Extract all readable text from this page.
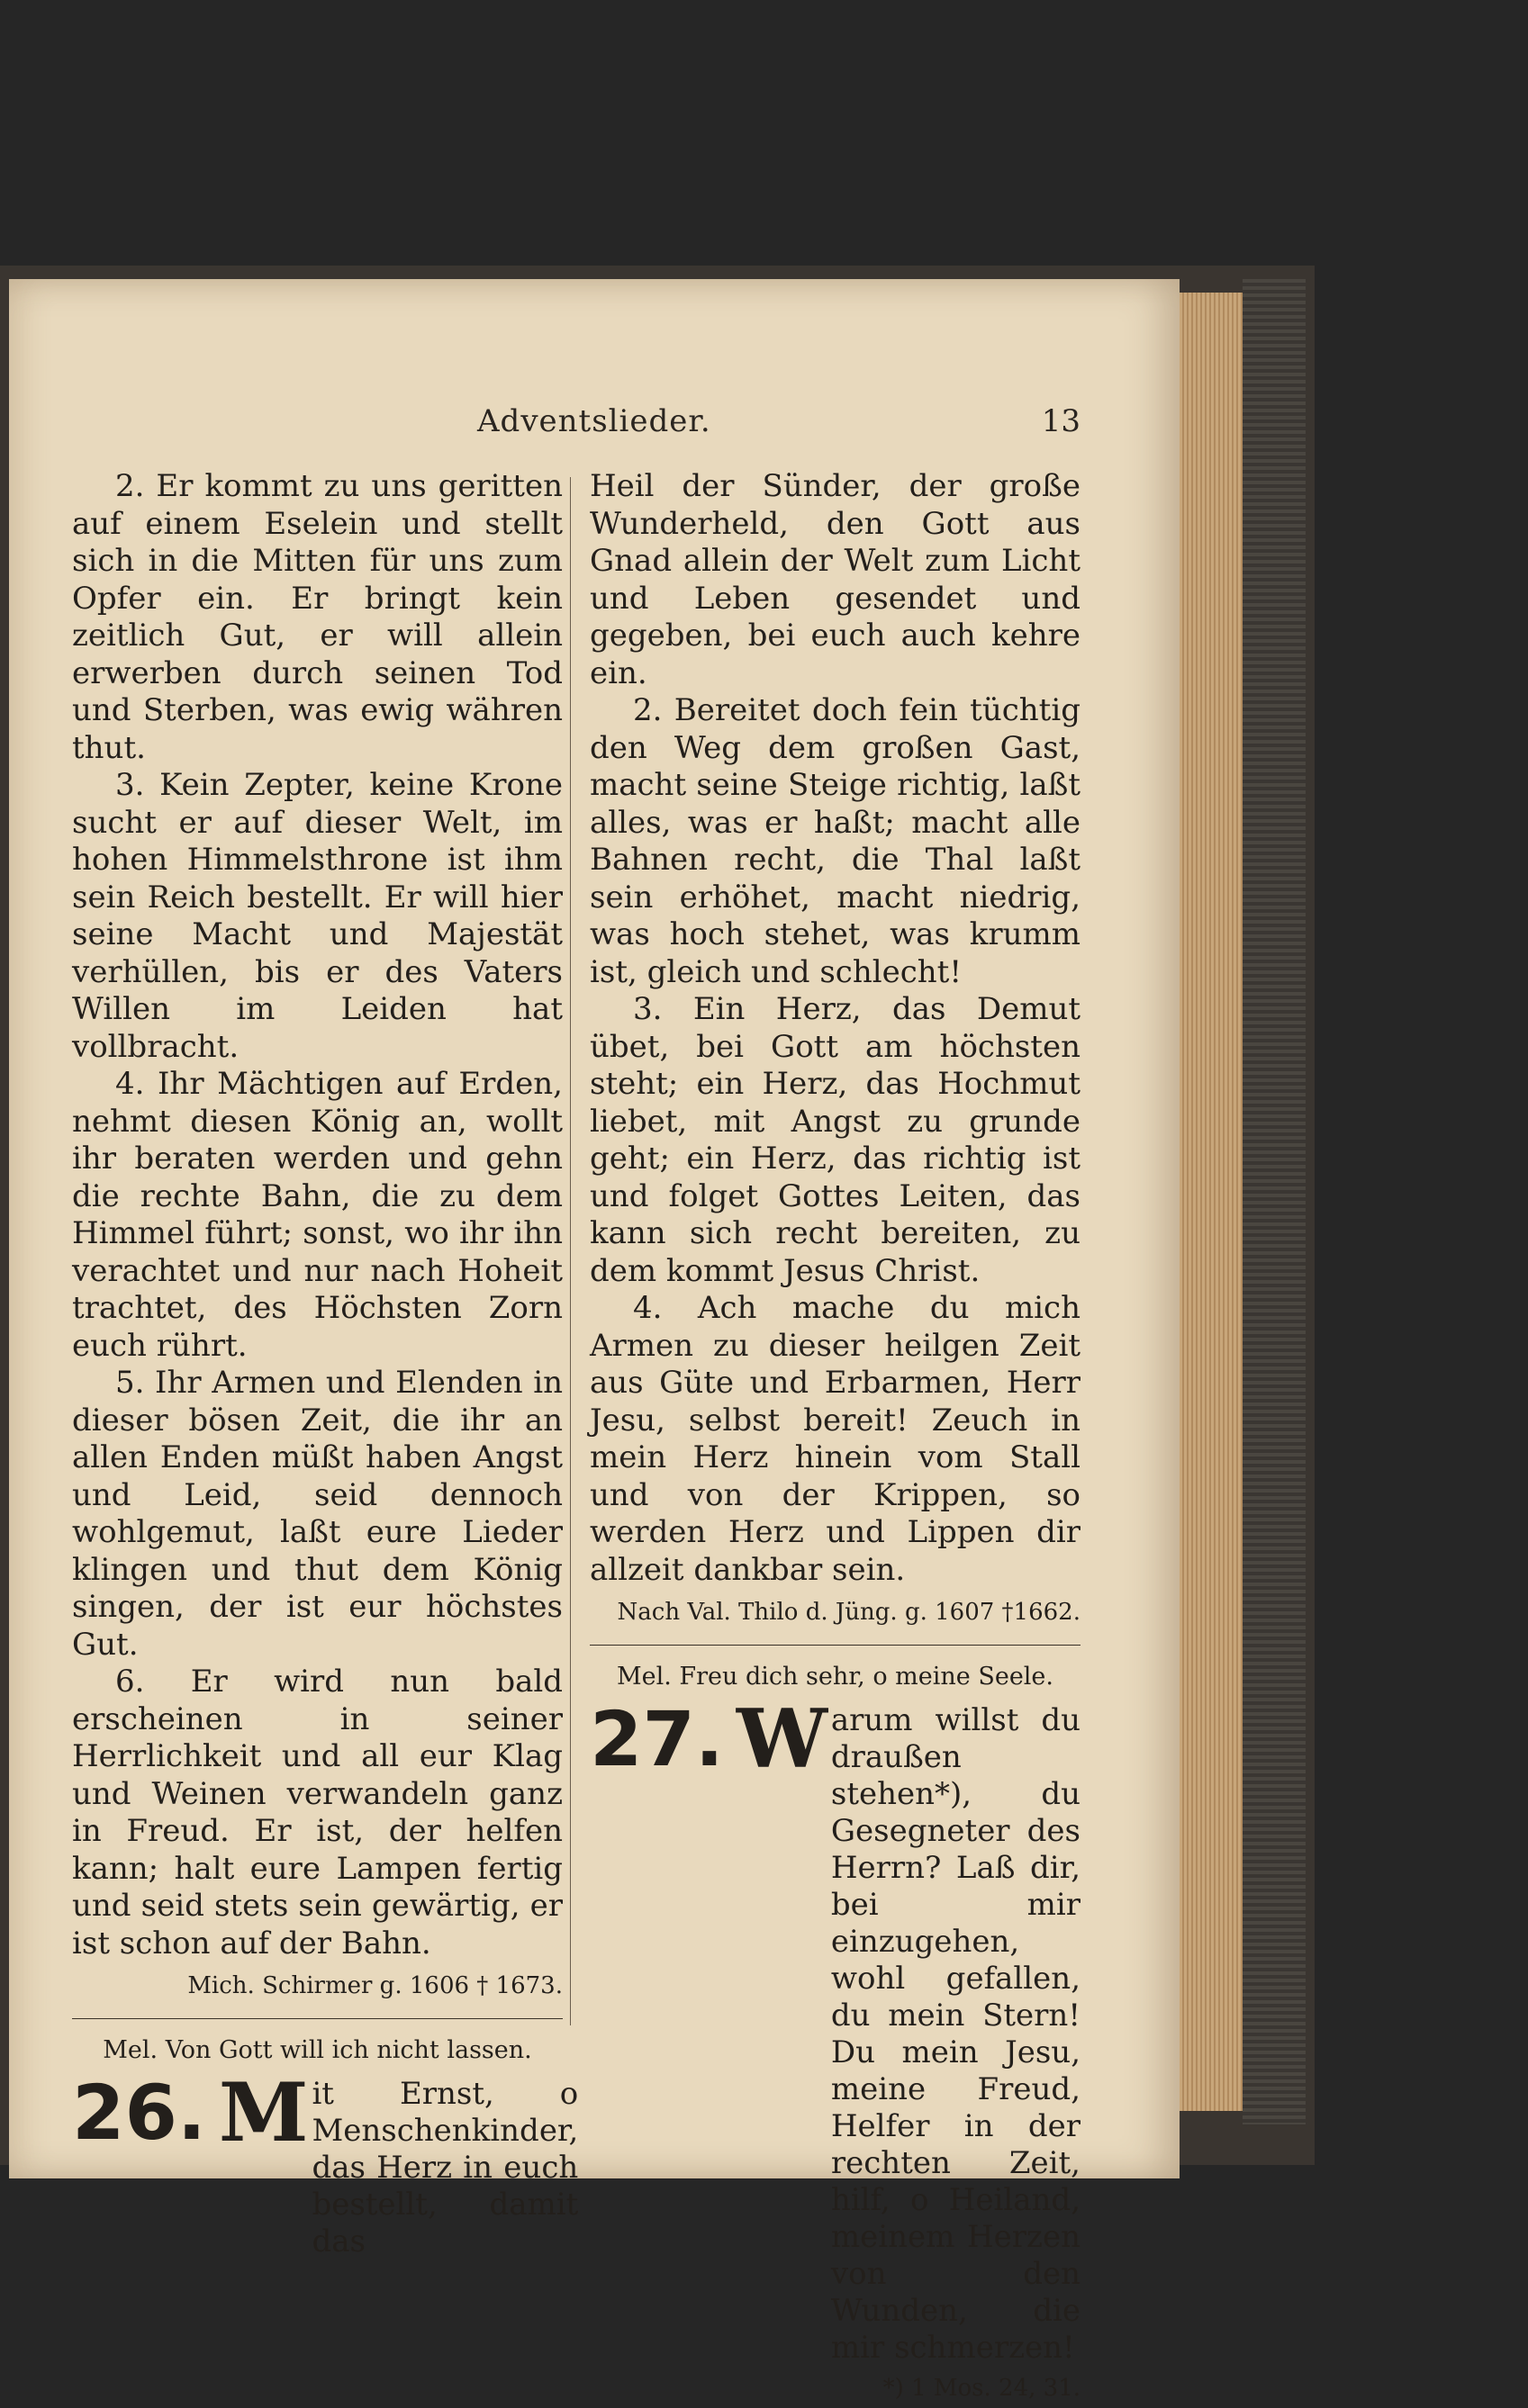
Adventslieder.	13

2. Er kommt zu uns geritten auf einem Eselein und stellt sich in die Mitten für uns zum Opfer ein. Er bringt kein zeitlich Gut, er will allein erwerben durch seinen Tod und Sterben, was ewig währen thut.

3. Kein Zepter, keine Krone sucht er auf dieser Welt, im hohen Himmelsthrone ist ihm sein Reich bestellt. Er will hier seine Macht und Majestät verhüllen, bis er des Vaters Willen im Leiden hat vollbracht.

4. Ihr Mächtigen auf Erden, nehmt diesen König an, wollt ihr beraten werden und gehn die rechte Bahn, die zu dem Himmel führt; sonst, wo ihr ihn verachtet und nur nach Hoheit trachtet, des Höchsten Zorn euch rührt.

5. Ihr Armen und Elenden in dieser bösen Zeit, die ihr an allen Enden müßt haben Angst und Leid, seid dennoch wohlgemut, laßt eure Lieder klingen und thut dem König singen, der ist eur höchstes Gut.

6. Er wird nun bald erscheinen in seiner Herrlichkeit und all eur Klag und Weinen verwandeln ganz in Freud. Er ist, der helfen kann; halt eure Lampen fertig und seid stets sein gewärtig, er ist schon auf der Bahn.

Mich. Schirmer g. 1606 † 1673.
Mel. Von Gott will ich nicht lassen.
26. M it Ernst, o Menschenkinder, das Herz in euch bestellt, damit das

Heil der Sünder, der große Wunderheld, den Gott aus Gnad allein der Welt zum Licht und Leben gesendet und gegeben, bei euch auch kehre ein.

2. Bereitet doch fein tüchtig den Weg dem großen Gast, macht seine Steige richtig, laßt alles, was er haßt; macht alle Bahnen recht, die Thal laßt sein erhöhet, macht niedrig, was hoch stehet, was krumm ist, gleich und schlecht!

3. Ein Herz, das Demut übet, bei Gott am höchsten steht; ein Herz, das Hochmut liebet, mit Angst zu grunde geht; ein Herz, das richtig ist und folget Gottes Leiten, das kann sich recht bereiten, zu dem kommt Jesus Christ.

4. Ach mache du mich Armen zu dieser heilgen Zeit aus Güte und Erbarmen, Herr Jesu, selbst bereit! Zeuch in mein Herz hinein vom Stall und von der Krippen, so werden Herz und Lippen dir allzeit dankbar sein.

Nach Val. Thilo d. Jüng. g. 1607 †1662.
Mel. Freu dich sehr, o meine Seele.
27. W arum willst du draußen stehen*), du Gesegneter des Herrn? Laß dir, bei mir einzugehen, wohl gefallen, du mein Stern! Du mein Jesu, meine Freud, Helfer in der rechten Zeit, hilf, o Heiland, meinem Herzen von den Wunden, die mir schmerzen!

*) 1 Mos. 24, 31.
